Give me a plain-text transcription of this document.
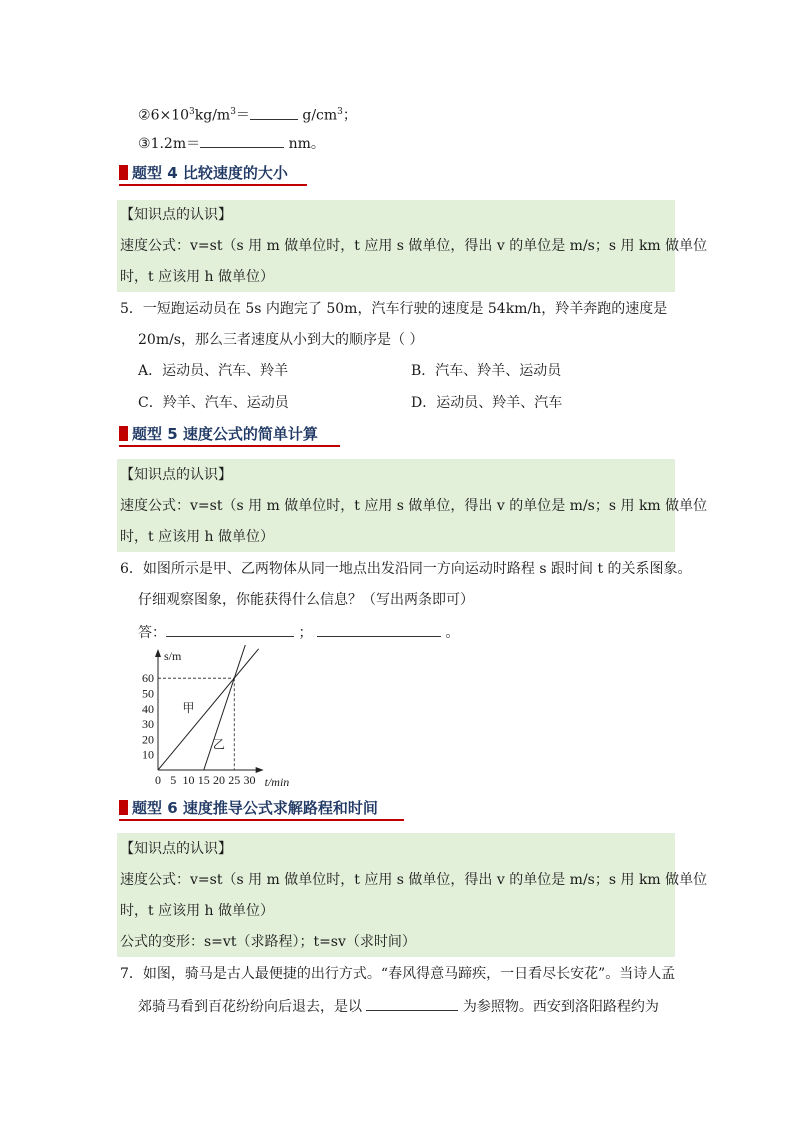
$②6\times 10^3kg/m^3=$	$g/cm^3$；
③1.2m＝	nm。
题型 4 比较速度的大小
【知识点的认识】
速度公式：v=st（s 用 m 做单位时，t 应用 s 做单位，得出 v 的单位是 m/s；s 用 km 做单位
时，t 应该用 h 做单位）
5．一短跑运动员在 5s 内跑完了 50m，汽车行驶的速度是 54km/h，羚羊奔跑的速度是
20m/s，那么三者速度从小到大的顺序是（ ）
A．运动员、汽车、羚羊	B．汽车、羚羊、运动员
C．羚羊、汽车、运动员	D．运动员、羚羊、汽车
题型 5 速度公式的简单计算
【知识点的认识】
速度公式：v=st（s 用 m 做单位时，t 应用 s 做单位，得出 v 的单位是 m/s；s 用 km 做单位
时，t 应该用 h 做单位）
6．如图所示是甲、乙两物体从同一地点出发沿同一方向运动时路程 s 跟时间 t 的关系图象。
仔细观察图象，你能获得什么信息？（写出两条即可）
答：	；	。
0 5 10 15 20 25 30
10
20
30
40
50
60
s/m
t/min
甲
乙
题型 6 速度推导公式求解路程和时间
【知识点的认识】
速度公式：v=st（s 用 m 做单位时，t 应用 s 做单位，得出 v 的单位是 m/s；s 用 km 做单位
时，t 应该用 h 做单位）
公式的变形：s=vt（求路程）；t=sv（求时间）
7．如图，骑马是古人最便捷的出行方式。“春风得意马蹄疾，一日看尽长安花”。当诗人孟
郊骑马看到百花纷纷向后退去，是以	为参照物。西安到洛阳路程约为
